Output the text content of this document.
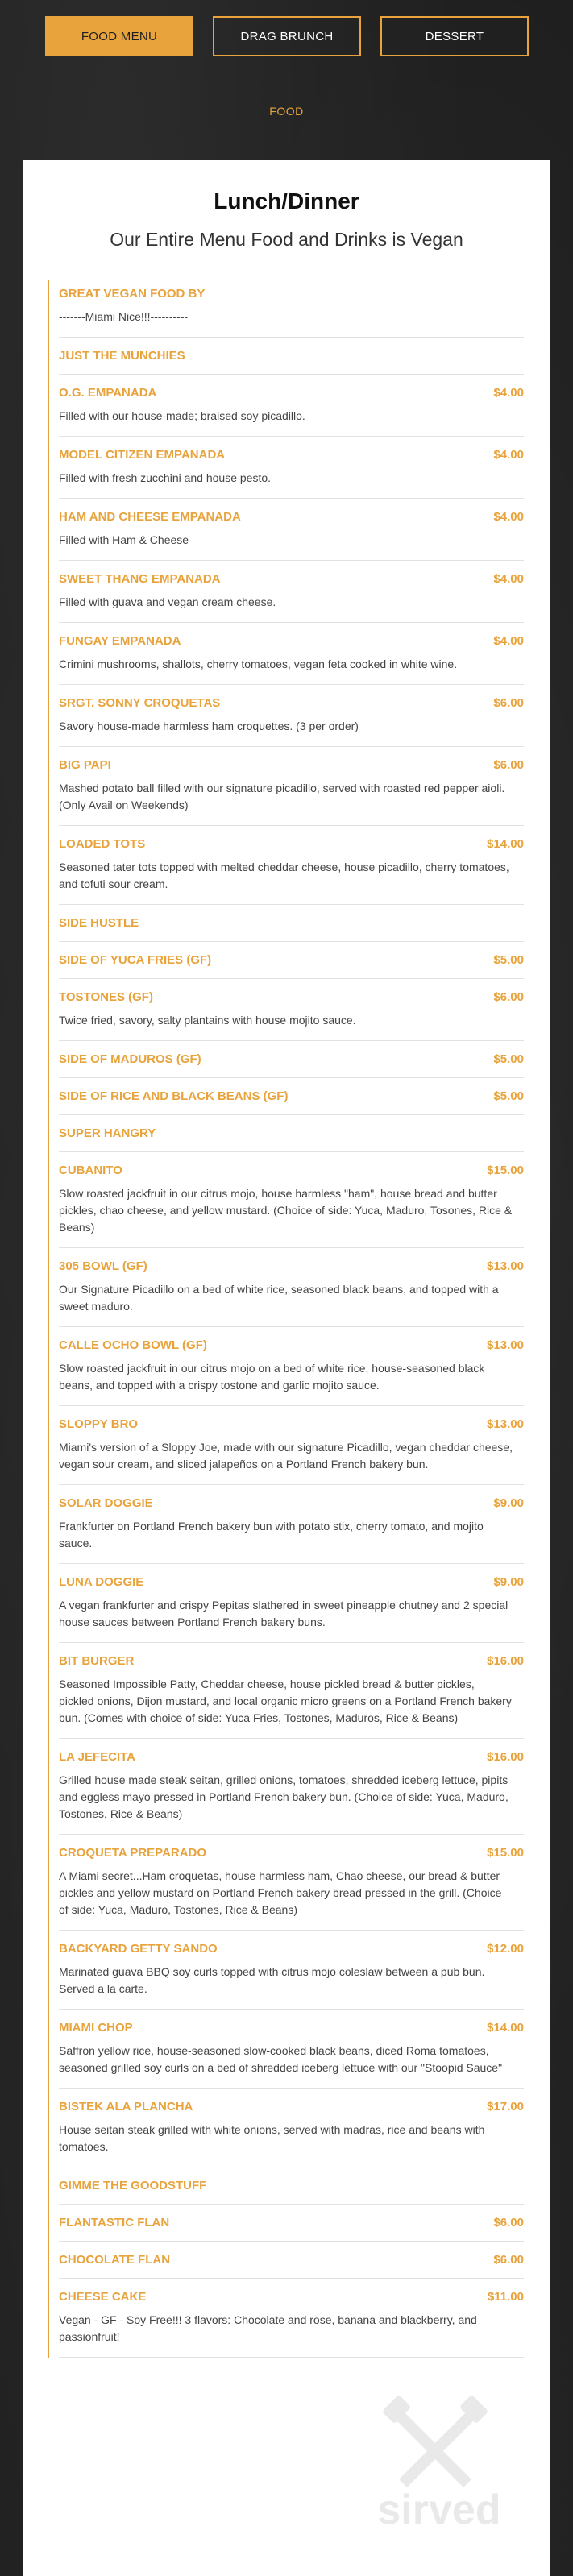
FOOD MENU	DRAG BRUNCH	DESSERT
FOOD
Lunch/Dinner
Our Entire Menu Food and Drinks is Vegan
GREAT VEGAN FOOD BY
-------Miami Nice!!!----------
JUST THE MUNCHIES
O.G. EMPANADA	$4.00
Filled with our house-made; braised soy picadillo.
MODEL CITIZEN EMPANADA	$4.00
Filled with fresh zucchini and house pesto.
HAM AND CHEESE EMPANADA	$4.00
Filled with Ham & Cheese
SWEET THANG EMPANADA	$4.00
Filled with guava and vegan cream cheese.
FUNGAY EMPANADA	$4.00
Crimini mushrooms, shallots, cherry tomatoes, vegan feta cooked in white wine.
SRGT. SONNY CROQUETAS	$6.00
Savory house-made harmless ham croquettes. (3 per order)
BIG PAPI	$6.00
Mashed potato ball filled with our signature picadillo, served with roasted red pepper aioli. (Only Avail on Weekends)
LOADED TOTS	$14.00
Seasoned tater tots topped with melted cheddar cheese, house picadillo, cherry tomatoes, and tofuti sour cream.
SIDE HUSTLE
SIDE OF YUCA FRIES (GF)	$5.00
TOSTONES (GF)	$6.00
Twice fried, savory, salty plantains with house mojito sauce.
SIDE OF MADUROS (GF)	$5.00
SIDE OF RICE AND BLACK BEANS (GF)	$5.00
SUPER HANGRY
CUBANITO	$15.00
Slow roasted jackfruit in our citrus mojo, house harmless "ham", house bread and butter pickles, chao cheese, and yellow mustard. (Choice of side: Yuca, Maduro, Tosones, Rice & Beans)
305 BOWL (GF)	$13.00
Our Signature Picadillo on a bed of white rice, seasoned black beans, and topped with a sweet maduro.
CALLE OCHO BOWL (GF)	$13.00
Slow roasted jackfruit in our citrus mojo on a bed of white rice, house-seasoned black beans, and topped with a crispy tostone and garlic mojito sauce.
SLOPPY BRO	$13.00
Miami's version of a Sloppy Joe, made with our signature Picadillo, vegan cheddar cheese, vegan sour cream, and sliced jalapeños on a Portland French bakery bun.
SOLAR DOGGIE	$9.00
Frankfurter on Portland French bakery bun with potato stix, cherry tomato, and mojito sauce.
LUNA DOGGIE	$9.00
A vegan frankfurter and crispy Pepitas slathered in sweet pineapple chutney and 2 special house sauces between Portland French bakery buns.
BIT BURGER	$16.00
Seasoned Impossible Patty, Cheddar cheese, house pickled bread & butter pickles, pickled onions, Dijon mustard, and local organic micro greens on a Portland French bakery bun. (Comes with choice of side: Yuca Fries, Tostones, Maduros, Rice & Beans)
LA JEFECITA	$16.00
Grilled house made steak seitan, grilled onions, tomatoes, shredded iceberg lettuce, pipits and eggless mayo pressed in Portland French bakery bun. (Choice of side: Yuca, Maduro, Tostones, Rice & Beans)
CROQUETA PREPARADO	$15.00
A Miami secret...Ham croquetas, house harmless ham, Chao cheese, our bread & butter pickles and yellow mustard on Portland French bakery bread pressed in the grill. (Choice of side: Yuca, Maduro, Tostones, Rice & Beans)
BACKYARD GETTY SANDO	$12.00
Marinated guava BBQ soy curls topped with citrus mojo coleslaw between a pub bun. Served a la carte.
MIAMI CHOP	$14.00
Saffron yellow rice, house-seasoned slow-cooked black beans, diced Roma tomatoes, seasoned grilled soy curls on a bed of shredded iceberg lettuce with our "Stoopid Sauce"
BISTEK ALA PLANCHA	$17.00
House seitan steak grilled with white onions, served with madras, rice and beans with tomatoes.
GIMME THE GOODSTUFF
FLANTASTIC FLAN	$6.00
CHOCOLATE FLAN	$6.00
CHEESE CAKE	$11.00
Vegan - GF - Soy Free!!! 3 flavors: Chocolate and rose, banana and blackberry, and passionfruit!
sirved
